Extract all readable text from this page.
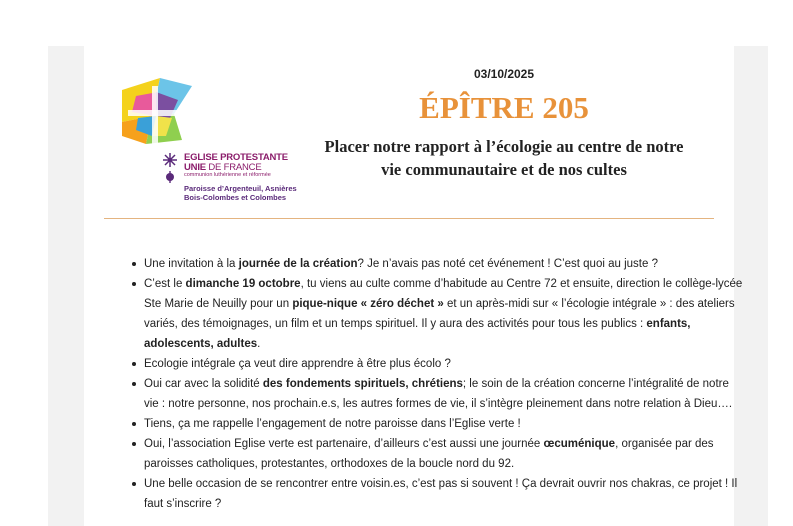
EGLISE PROTESTANTE
UNIE DE FRANCE
communion luthérienne et réformée
Paroisse d’Argenteuil, Asnières
Bois-Colombes et Colombes
03/10/2025
ÉPÎTRE 205
Placer notre rapport à l’écologie au centre de notre vie communautaire et de nos cultes
Une invitation à la journée de la création? Je n’avais pas noté cet événement ! C’est quoi au juste ?
C’est le dimanche 19 octobre, tu viens au culte comme d’habitude au Centre 72 et ensuite, direction le collège-lycée Ste Marie de Neuilly pour un pique-nique « zéro déchet » et un après-midi sur « l’écologie intégrale » : des ateliers variés, des témoignages, un film et un temps spirituel. Il y aura des activités pour tous les publics : enfants, adolescents, adultes.
Ecologie intégrale ça veut dire apprendre à être plus écolo ?
Oui car avec la solidité des fondements spirituels, chrétiens; le soin de la création concerne l’intégralité de notre vie : notre personne, nos prochain.e.s, les autres formes de vie, il s’intègre pleinement dans notre relation à Dieu….
Tiens, ça me rappelle l’engagement de notre paroisse dans l’Eglise verte !
Oui, l’association Eglise verte est partenaire, d’ailleurs c’est aussi une journée œcuménique, organisée par des paroisses catholiques, protestantes, orthodoxes de la boucle nord du 92.
Une belle occasion de se rencontrer entre voisin.es, c’est pas si souvent ! Ça devrait ouvrir nos chakras, ce projet ! Il faut s’inscrire ?
